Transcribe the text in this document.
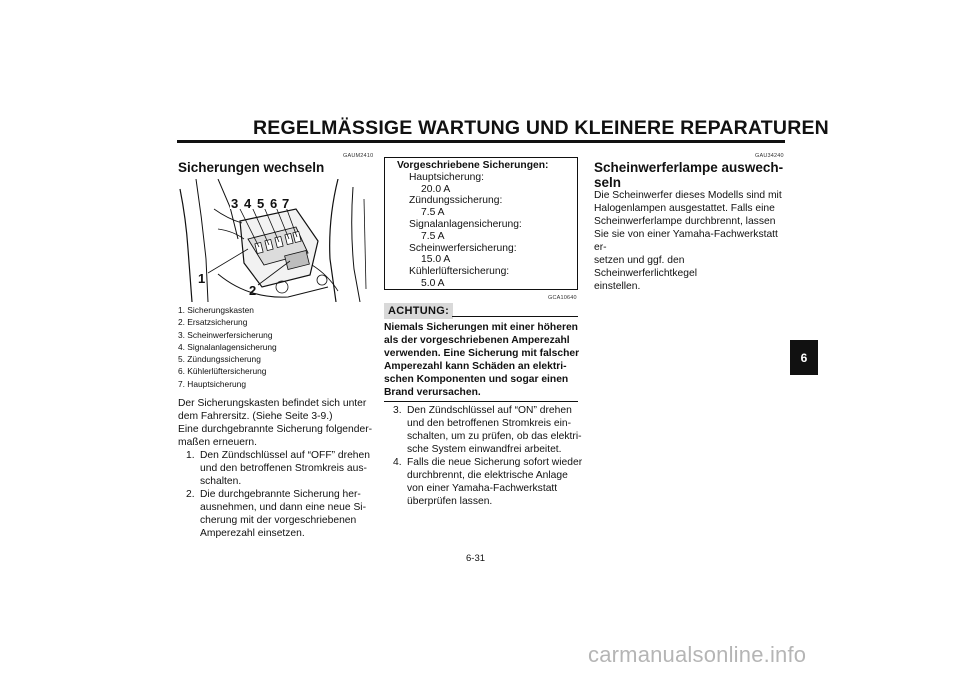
REGELMÄSSIGE WARTUNG UND KLEINERE REPARATUREN
6
GAUM2410
Sicherungen wechseln
3 4 5 6 7
1
2
1. Sicherungskasten
2. Ersatzsicherung
3. Scheinwerfersicherung
4. Signalanlagensicherung
5. Zündungssicherung
6. Kühlerlüftersicherung
7. Hauptsicherung
Der Sicherungskasten befindet sich unter
dem Fahrersitz. (Siehe Seite 3-9.)
Eine durchgebrannte Sicherung folgender-
maßen erneuern.
1. Den Zündschlüssel auf “OFF” drehen
und den betroffenen Stromkreis aus-
schalten.
2. Die durchgebrannte Sicherung her-
ausnehmen, und dann eine neue Si-
cherung mit der vorgeschriebenen
Amperezahl einsetzen.
Vorgeschriebene Sicherungen:
Hauptsicherung:
20.0 A
Zündungssicherung:
7.5 A
Signalanlagensicherung:
7.5 A
Scheinwerfersicherung:
15.0 A
Kühlerlüftersicherung:
5.0 A
GCA10640
ACHTUNG:
Niemals Sicherungen mit einer höheren
als der vorgeschriebenen Amperezahl
verwenden. Eine Sicherung mit falscher
Amperezahl kann Schäden an elektri-
schen Komponenten und sogar einen
Brand verursachen.
3. Den Zündschlüssel auf “ON” drehen
und den betroffenen Stromkreis ein-
schalten, um zu prüfen, ob das elektri-
sche System einwandfrei arbeitet.
4. Falls die neue Sicherung sofort wieder
durchbrennt, die elektrische Anlage
von einer Yamaha-Fachwerkstatt
überprüfen lassen.
GAU34240
Scheinwerferlampe auswech-
seln
Die Scheinwerfer dieses Modells sind mit
Halogenlampen ausgestattet. Falls eine
Scheinwerferlampe durchbrennt, lassen
Sie sie von einer Yamaha-Fachwerkstatt er-
setzen und ggf. den Scheinwerferlichtkegel
einstellen.
6-31
carmanualsonline.info
